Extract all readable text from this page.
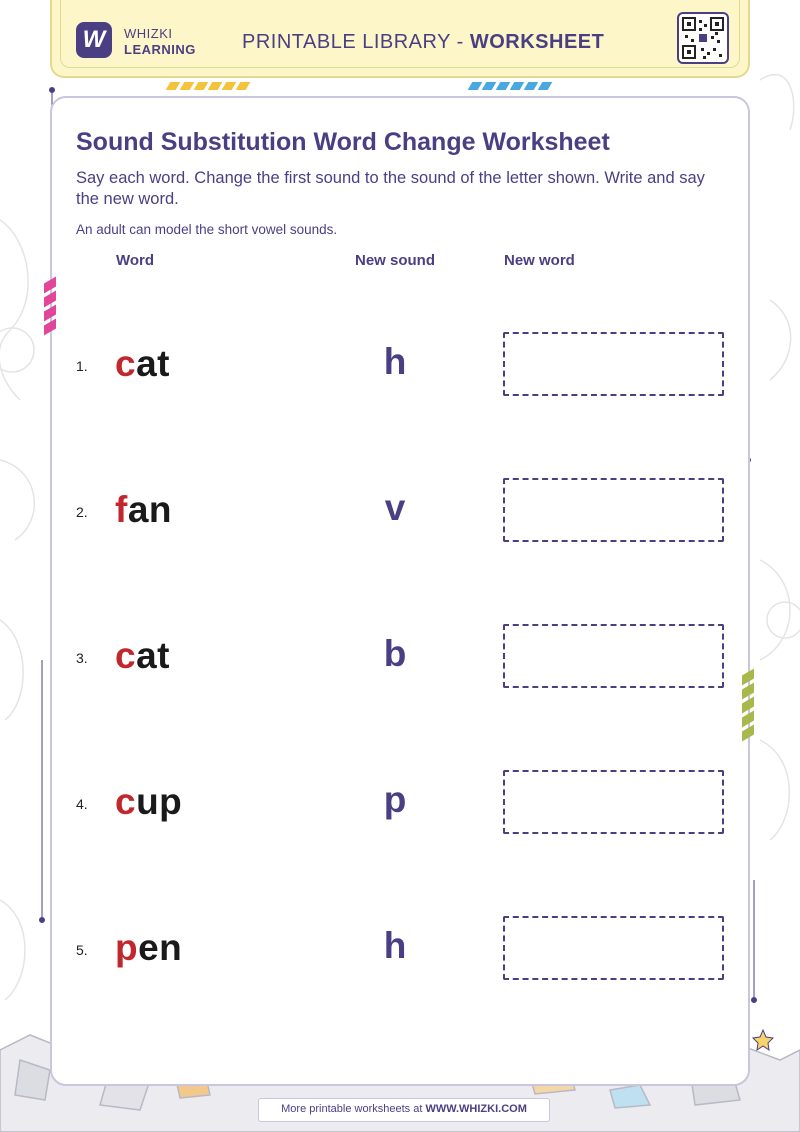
W WHIZKI
LEARNING PRINTABLE LIBRARY - WORKSHEET
Sound Substitution Word Change Worksheet
Say each word. Change the first sound to the sound of the letter shown. Write and say the new word.
An adult can model the short vowel sounds.
Word	New sound	New word
1. cat	h
2. fan	v
3. cat	b
4. cup	p
5. pen	h
More printable worksheets at WWW.WHIZKI.COM
